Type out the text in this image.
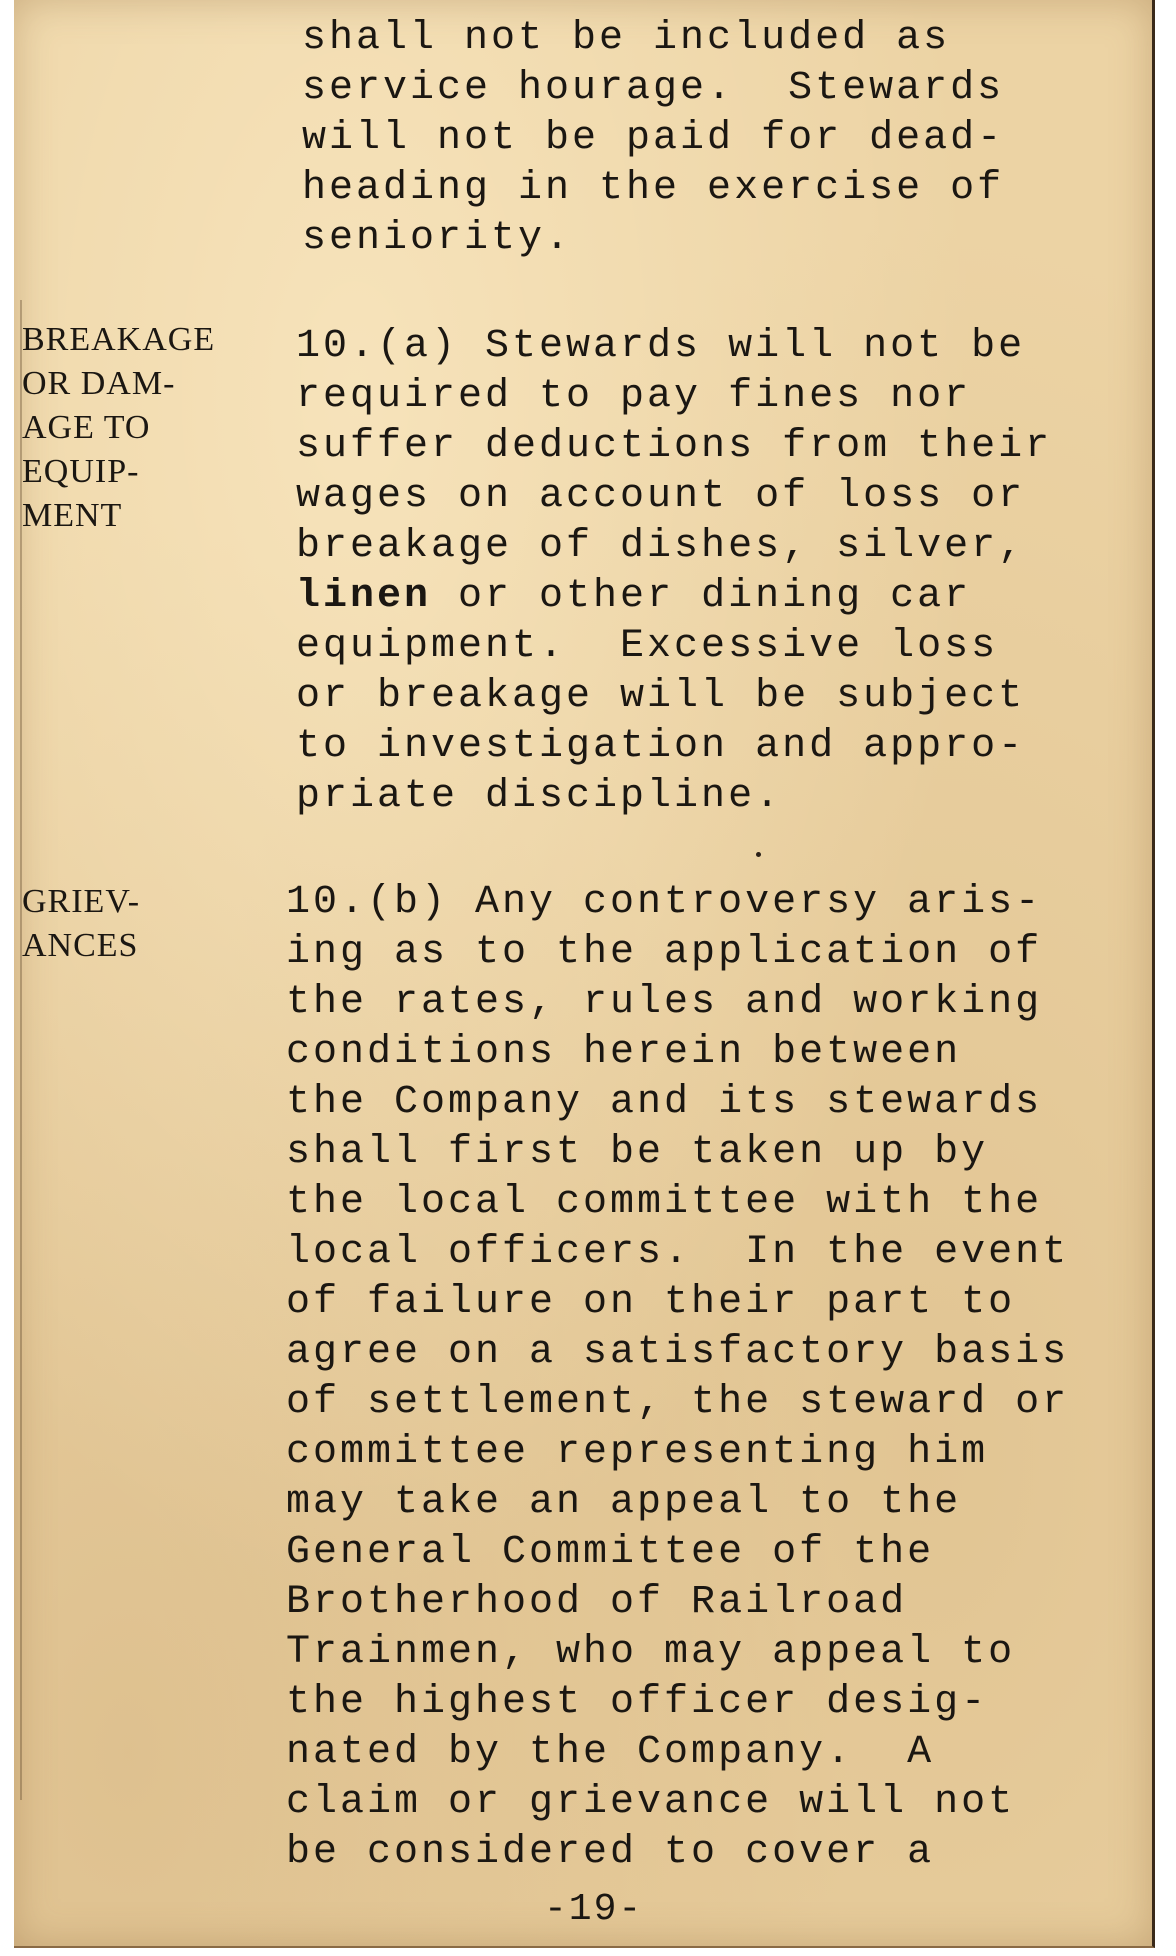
shall not be included as
service hourage.  Stewards
will not be paid for dead-
heading in the exercise of
seniority.
BREAKAGE
OR DAM-
AGE TO
EQUIP-
MENT
10.(a) Stewards will not be
required to pay fines nor
suffer deductions from their
wages on account of loss or
breakage of dishes, silver,
linen or other dining car
equipment.  Excessive loss
or breakage will be subject
to investigation and appro-
priate discipline.
GRIEV-
ANCES
10.(b) Any controversy aris-
ing as to the application of
the rates, rules and working
conditions herein between
the Company and its stewards
shall first be taken up by
the local committee with the
local officers.  In the event
of failure on their part to
agree on a satisfactory basis
of settlement, the steward or
committee representing him
may take an appeal to the
General Committee of the
Brotherhood of Railroad
Trainmen, who may appeal to
the highest officer desig-
nated by the Company.  A
claim or grievance will not
be considered to cover a
-19-
